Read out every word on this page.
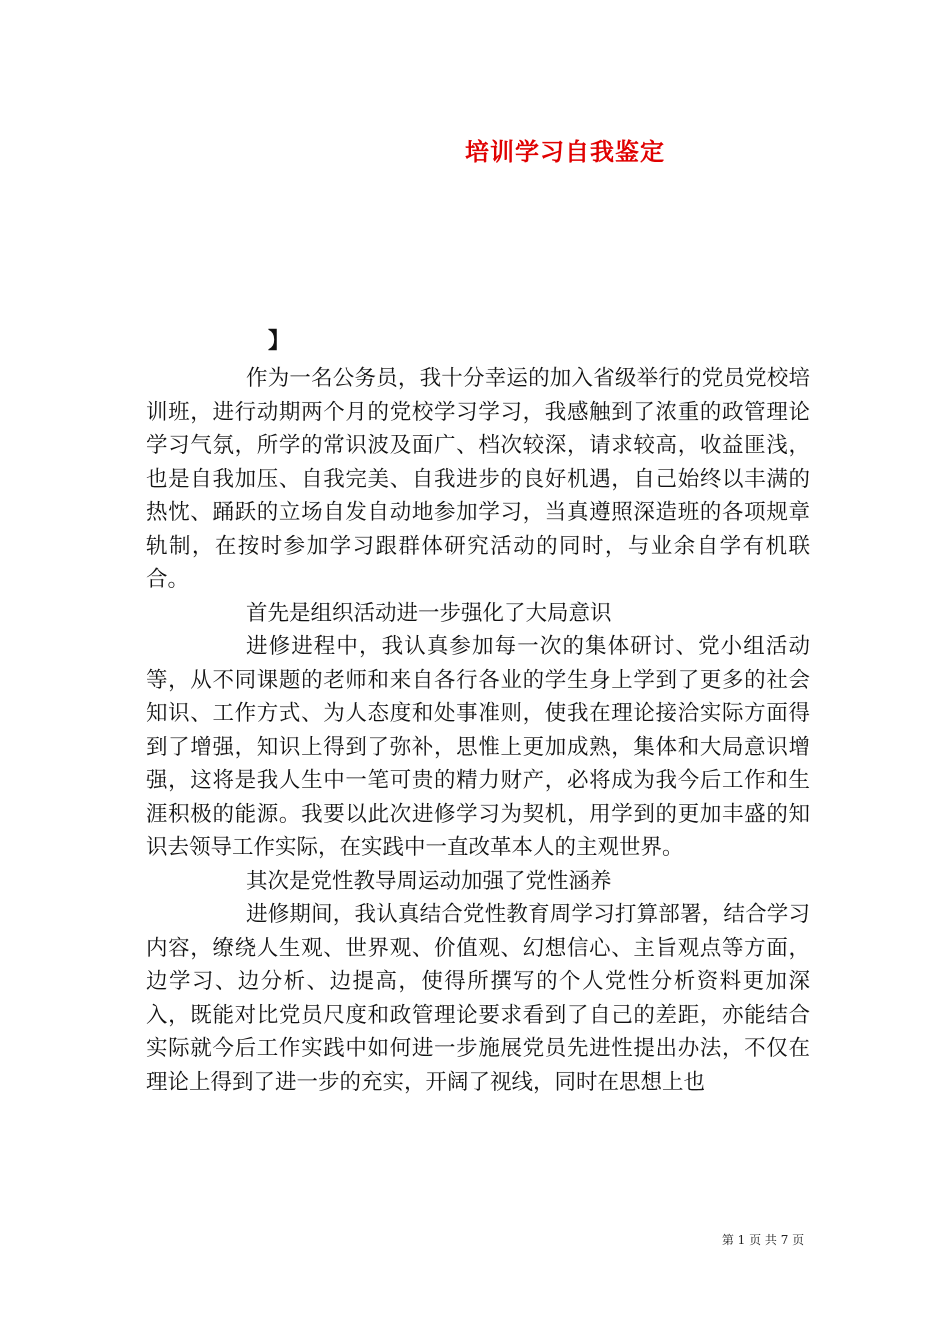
培训学习自我鉴定
】

作为一名公务员，我十分幸运的加入省级举行的党员党校培训班，进行动期两个月的党校学习学习，我感触到了浓重的政管理论学习气氛，所学的常识波及面广、档次较深，请求较高，收益匪浅，也是自我加压、自我完美、自我进步的良好机遇，自己始终以丰满的热忱、踊跃的立场自发自动地参加学习，当真遵照深造班的各项规章轨制，在按时参加学习跟群体研究活动的同时，与业余自学有机联合。

首先是组织活动进一步强化了大局意识

进修进程中，我认真参加每一次的集体研讨、党小组活动等，从不同课题的老师和来自各行各业的学生身上学到了更多的社会知识、工作方式、为人态度和处事准则，使我在理论接洽实际方面得到了增强，知识上得到了弥补，思惟上更加成熟，集体和大局意识增强，这将是我人生中一笔可贵的精力财产，必将成为我今后工作和生涯积极的能源。我要以此次进修学习为契机，用学到的更加丰盛的知识去领导工作实际，在实践中一直改革本人的主观世界。

其次是党性教导周运动加强了党性涵养

进修期间，我认真结合党性教育周学习打算部署，结合学习内容，缭绕人生观、世界观、价值观、幻想信心、主旨观点等方面，边学习、边分析、边提高，使得所撰写的个人党性分析资料更加深入，既能对比党员尺度和政管理论要求看到了自己的差距，亦能结合实际就今后工作实践中如何进一步施展党员先进性提出办法，不仅在理论上得到了进一步的充实，开阔了视线，同时在思想上也

第 1 页 共 7 页
